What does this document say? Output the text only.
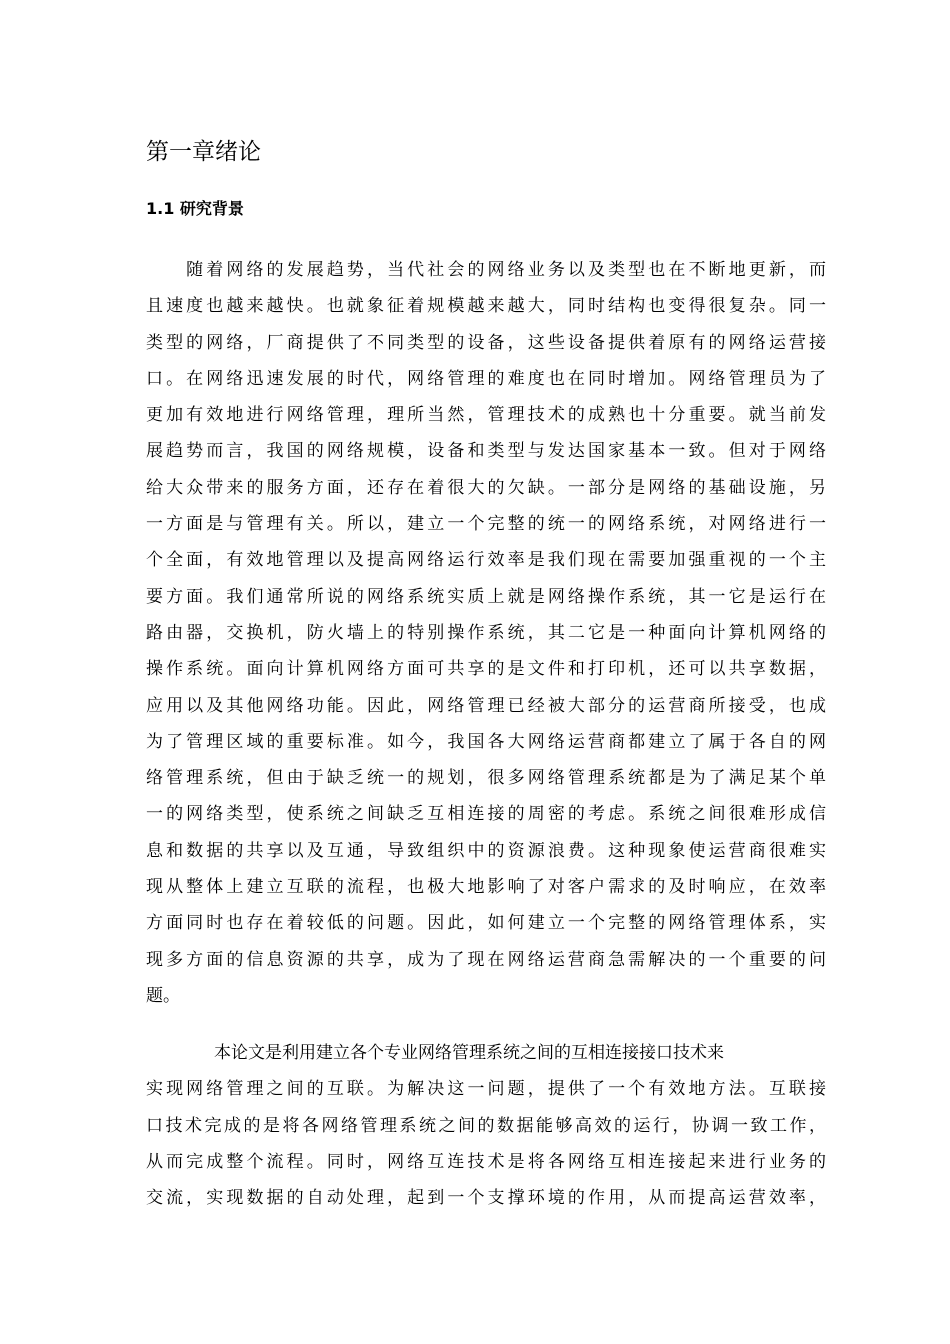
第一章绪论
1.1 研究背景
　　随着网络的发展趋势，当代社会的网络业务以及类型也在不断地更新，而
且速度也越来越快。也就象征着规模越来越大，同时结构也变得很复杂。同一
类型的网络，厂商提供了不同类型的设备，这些设备提供着原有的网络运营接
口。在网络迅速发展的时代，网络管理的难度也在同时增加。网络管理员为了
更加有效地进行网络管理，理所当然，管理技术的成熟也十分重要。就当前发
展趋势而言，我国的网络规模，设备和类型与发达国家基本一致。但对于网络
给大众带来的服务方面，还存在着很大的欠缺。一部分是网络的基础设施，另
一方面是与管理有关。所以，建立一个完整的统一的网络系统，对网络进行一
个全面，有效地管理以及提高网络运行效率是我们现在需要加强重视的一个主
要方面。我们通常所说的网络系统实质上就是网络操作系统，其一它是运行在
路由器，交换机，防火墙上的特别操作系统，其二它是一种面向计算机网络的
操作系统。面向计算机网络方面可共享的是文件和打印机，还可以共享数据，
应用以及其他网络功能。因此，网络管理已经被大部分的运营商所接受，也成
为了管理区域的重要标准。如今，我国各大网络运营商都建立了属于各自的网
络管理系统，但由于缺乏统一的规划，很多网络管理系统都是为了满足某个单
一的网络类型，使系统之间缺乏互相连接的周密的考虑。系统之间很难形成信
息和数据的共享以及互通，导致组织中的资源浪费。这种现象使运营商很难实
现从整体上建立互联的流程，也极大地影响了对客户需求的及时响应，在效率
方面同时也存在着较低的问题。因此，如何建立一个完整的网络管理体系，实
现多方面的信息资源的共享，成为了现在网络运营商急需解决的一个重要的问
题。
　　　　本论文是利用建立各个专业网络管理系统之间的互相连接接口技术来
实现网络管理之间的互联。为解决这一问题，提供了一个有效地方法。互联接
口技术完成的是将各网络管理系统之间的数据能够高效的运行，协调一致工作，
从而完成整个流程。同时，网络互连技术是将各网络互相连接起来进行业务的
交流，实现数据的自动处理，起到一个支撑环境的作用，从而提高运营效率，
